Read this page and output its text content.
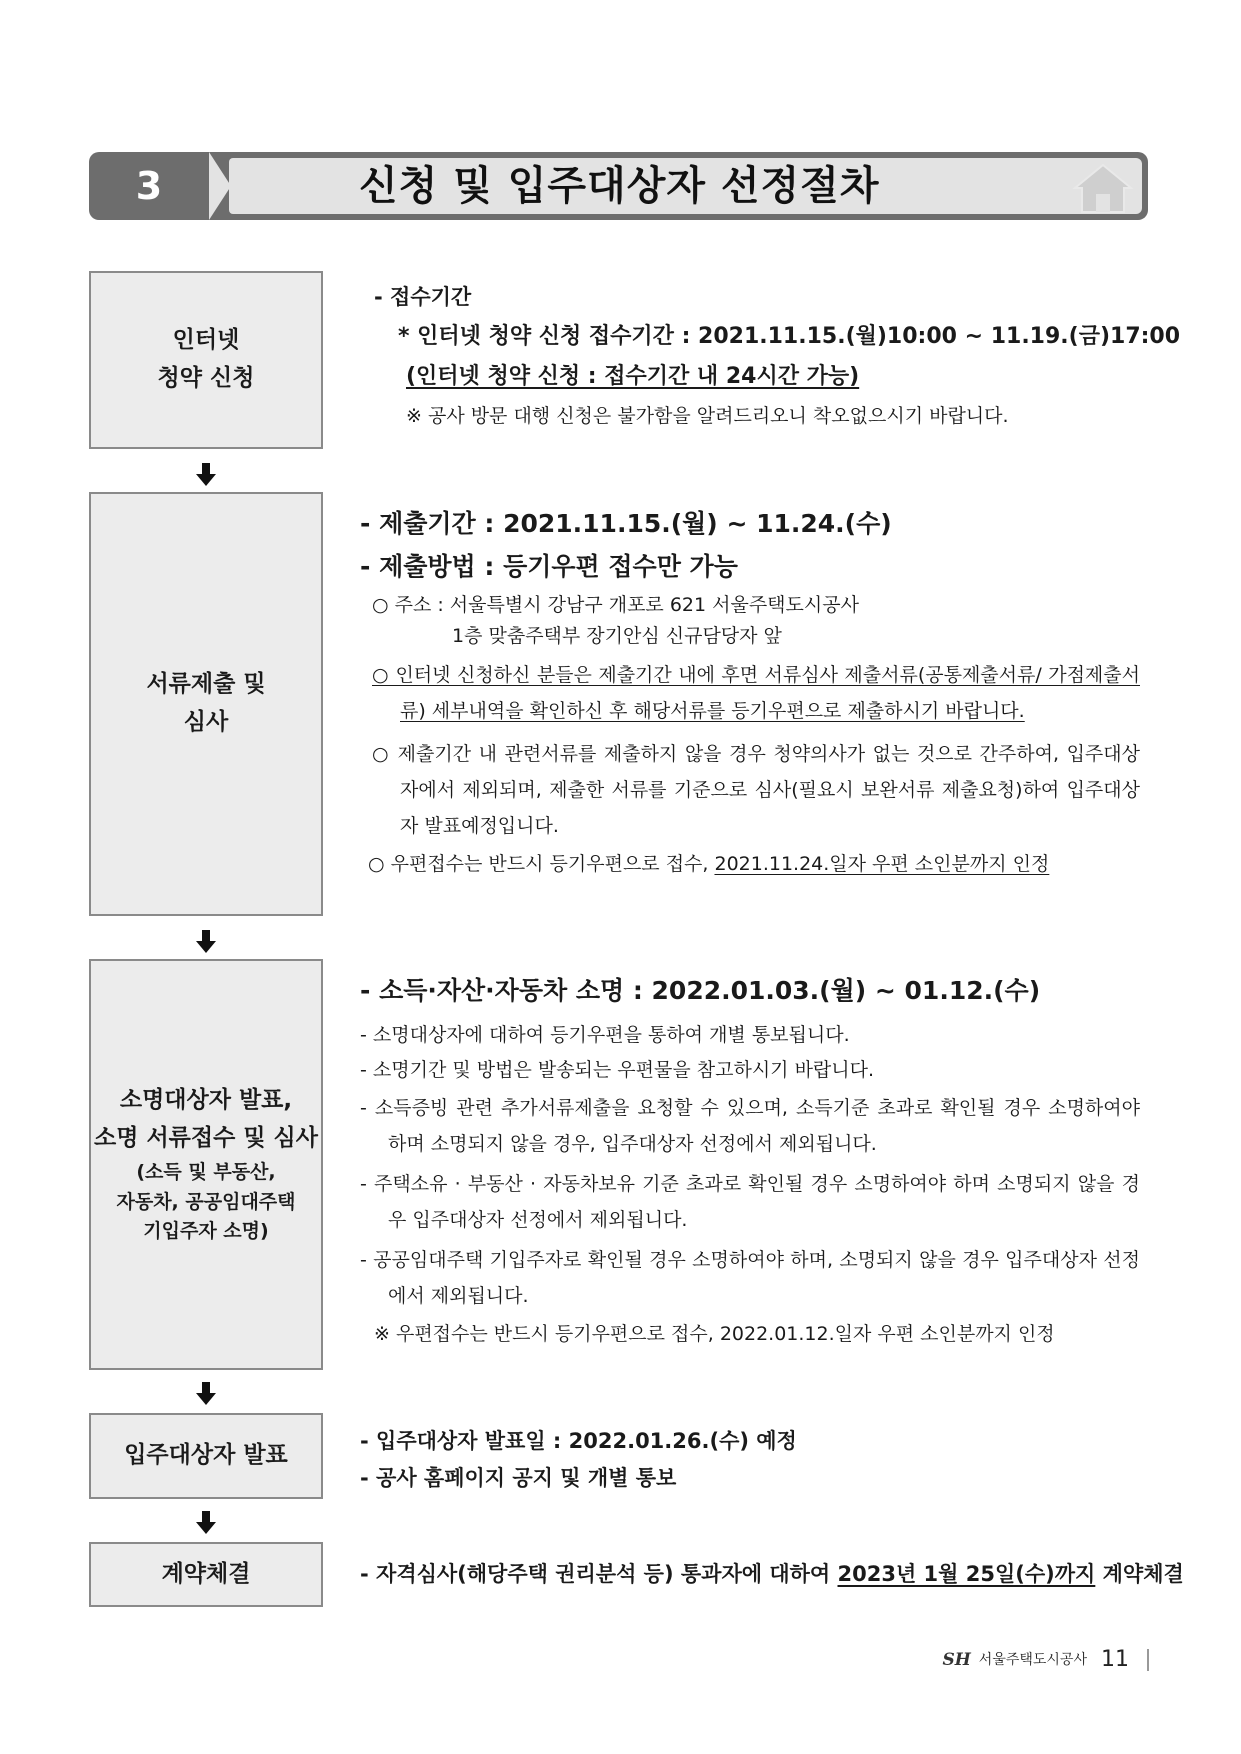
3	신청 및 입주대상자 선정절차
인터넷
청약 신청
- 접수기간
* 인터넷 청약 신청 접수기간 : 2021.11.15.(월)10:00 ~ 11.19.(금)17:00
(인터넷 청약 신청 : 접수기간 내 24시간 가능)
※ 공사 방문 대행 신청은 불가함을 알려드리오니 착오없으시기 바랍니다.
서류제출 및
심사
- 제출기간 : 2021.11.15.(월) ~ 11.24.(수)
- 제출방법 : 등기우편 접수만 가능
○ 주소 : 서울특별시 강남구 개포로 621 서울주택도시공사
1층 맞춤주택부 장기안심 신규담당자 앞
○ 인터넷 신청하신 분들은 제출기간 내에 후면 서류심사 제출서류(공통제출서류/ 가점제출서류) 세부내역을 확인하신 후 해당서류를 등기우편으로 제출하시기 바랍니다.
○ 제출기간 내 관련서류를 제출하지 않을 경우 청약의사가 없는 것으로 간주하여, 입주대상자에서 제외되며, 제출한 서류를 기준으로 심사(필요시 보완서류 제출요청)하여 입주대상자 발표예정입니다.
○ 우편접수는 반드시 등기우편으로 접수, 2021.11.24.일자 우편 소인분까지 인정
소명대상자 발표,
소명 서류접수 및 심사
(소득 및 부동산,
자동차, 공공임대주택
기입주자 소명)
- 소득·자산·자동차 소명 : 2022.01.03.(월) ~ 01.12.(수)
- 소명대상자에 대하여 등기우편을 통하여 개별 통보됩니다.
- 소명기간 및 방법은 발송되는 우편물을 참고하시기 바랍니다.
- 소득증빙 관련 추가서류제출을 요청할 수 있으며, 소득기준 초과로 확인될 경우 소명하여야 하며 소명되지 않을 경우, 입주대상자 선정에서 제외됩니다.
- 주택소유 · 부동산 · 자동차보유 기준 초과로 확인될 경우 소명하여야 하며 소명되지 않을 경우 입주대상자 선정에서 제외됩니다.
- 공공임대주택 기입주자로 확인될 경우 소명하여야 하며, 소명되지 않을 경우 입주대상자 선정에서 제외됩니다.
※ 우편접수는 반드시 등기우편으로 접수, 2022.01.12.일자 우편 소인분까지 인정
입주대상자 발표
- 입주대상자 발표일 : 2022.01.26.(수) 예정
- 공사 홈페이지 공지 및 개별 통보
계약체결	- 자격심사(해당주택 권리분석 등) 통과자에 대하여 2023년 1월 25일(수)까지 계약체결
SH 서울주택도시공사 11
